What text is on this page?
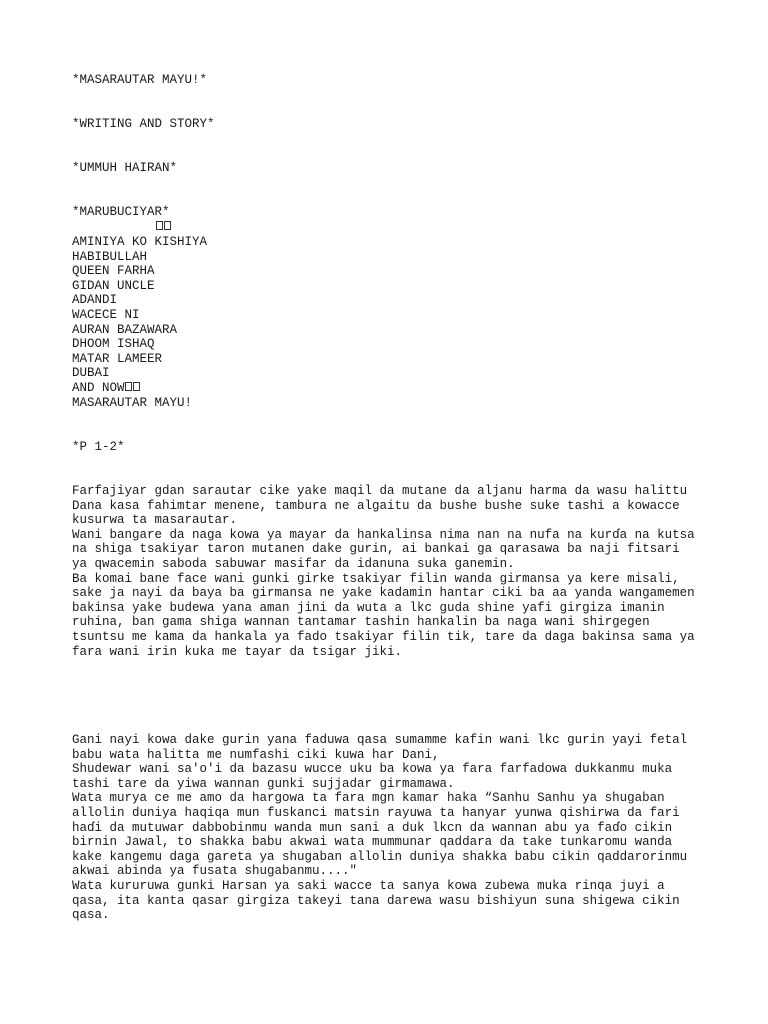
*MASARAUTAR MAYU!*

*WRITING AND STORY*

*UMMUH HAIRAN*

*MARUBUCIYAR*

AMINIYA KO KISHIYA

HABIBULLAH

QUEEN FARHA

GIDAN UNCLE

ADANDI

WACECE NI

AURAN BAZAWARA

DHOOM ISHAQ

MATAR LAMEER

DUBAI

AND NOW

MASARAUTAR MAYU!

*P 1-2*

Farfajiyar gdan sarautar cike yake maqil da mutane da aljanu harma da wasu halittu
Dana kasa fahimtar menene, tambura ne algaitu da bushe bushe suke tashi a kowacce
kusurwa ta masarautar.
Wani bangare da naga kowa ya mayar da hankalinsa nima nan na nufa na kurɗa na kutsa
na shiga tsakiyar taron mutanen dake gurin, ai bankai ga qarasawa ba naji fitsari
ya qwacemin saboda sabuwar masifar da idanuna suka ganemin.
Ba komai bane face wani gunki girke tsakiyar filin wanda girmansa ya kere misali,
sake ja nayi da baya ba girmansa ne yake kadamin hantar ciki ba aa yanda wangamemen
bakinsa yake budewa yana aman jini da wuta a lkc guda shine yafi girgiza imanin
ruhina, ban gama shiga wannan tantamar tashin hankalin ba naga wani shirgegen
tsuntsu me kama da hankala ya fado tsakiyar filin tik, tare da daga bakinsa sama ya
fara wani irin kuka me tayar da tsigar jiki.

Gani nayi kowa dake gurin yana faduwa qasa sumamme kafin wani lkc gurin yayi fetal
babu wata halitta me numfashi ciki kuwa har Dani,
Shudewar wani sa'o'i da bazasu wucce uku ba kowa ya fara farfadowa dukkanmu muka
tashi tare da yiwa wannan gunki sujjadar girmamawa.
Wata murya ce me amo da hargowa ta fara mgn kamar haka “Sanhu Sanhu ya shugaban
allolin duniya haqiqa mun fuskanci matsin rayuwa ta hanyar yunwa qishirwa da fari
haɗi da mutuwar dabbobinmu wanda mun sani a duk lkcn da wannan abu ya faɗo cikin
birnin Jawal, to shakka babu akwai wata mummunar qaddara da take tunkaromu wanda
kake kangemu daga gareta ya shugaban allolin duniya shakka babu cikin qaddarorinmu
akwai abinda ya fusata shugabanmu...."
Wata kururuwa gunki Harsan ya saki wacce ta sanya kowa zubewa muka rinqa juyi a
qasa, ita kanta qasar girgiza takeyi tana darewa wasu bishiyun suna shigewa cikin
qasa.
